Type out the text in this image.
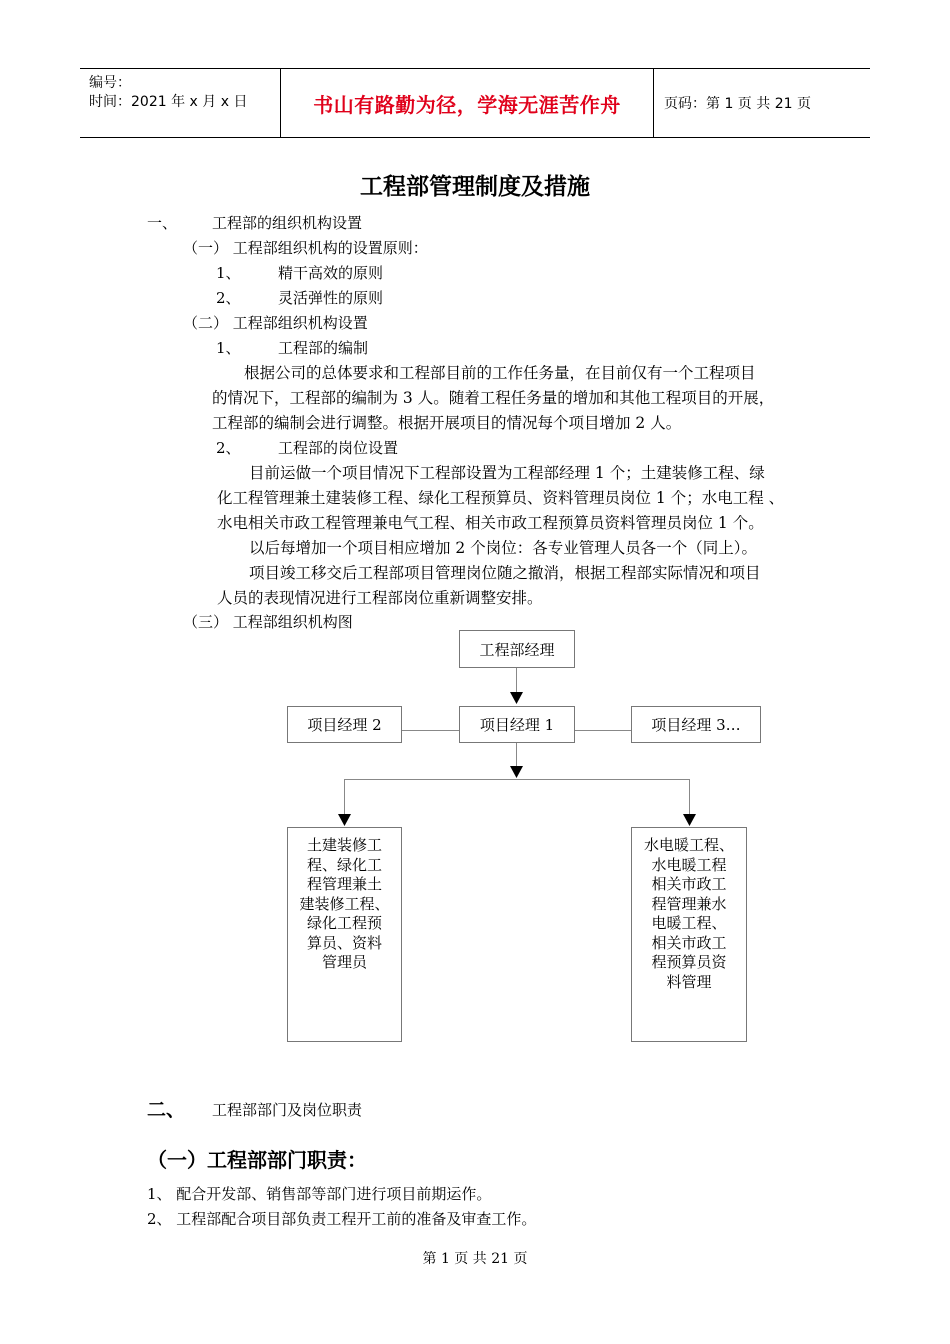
编号：
时间：2021 年 x 月 x 日	书山有路勤为径，学海无涯苦作舟	页码：第 1 页 共 21 页
工程部管理制度及措施
一、 工程部的组织机构设置
（一） 工程部组织机构的设置原则：
1、 精干高效的原则
2、 灵活弹性的原则
（二） 工程部组织机构设置
1、 工程部的编制
根据公司的总体要求和工程部目前的工作任务量，在目前仅有一个工程项目
的情况下，工程部的编制为 3 人。随着工程任务量的增加和其他工程项目的开展，
工程部的编制会进行调整。根据开展项目的情况每个项目增加 2 人。
2、 工程部的岗位设置
目前运做一个项目情况下工程部设置为工程部经理 1 个；土建装修工程、绿
化工程管理兼土建装修工程、绿化工程预算员、资料管理员岗位 1 个；水电工程 、
水电相关市政工程管理兼电气工程、相关市政工程预算员资料管理员岗位 1 个。
以后每增加一个项目相应增加 2 个岗位：各专业管理人员各一个（同上）。
项目竣工移交后工程部项目管理岗位随之撤消，根据工程部实际情况和项目
人员的表现情况进行工程部岗位重新调整安排。
（三） 工程部组织机构图
工程部经理
项目经理 2	项目经理 1	项目经理 3…
土建装修工
程、绿化工
程管理兼土
建装修工程、
绿化工程预
算员、资料
管理员
水电暖工程、
水电暖工程
相关市政工
程管理兼水
电暖工程、
相关市政工
程预算员资
料管理
二、 工程部部门及岗位职责
（一）工程部部门职责：
1、 配合开发部、销售部等部门进行项目前期运作。
2、 工程部配合项目部负责工程开工前的准备及审查工作。
第 1 页 共 21 页
